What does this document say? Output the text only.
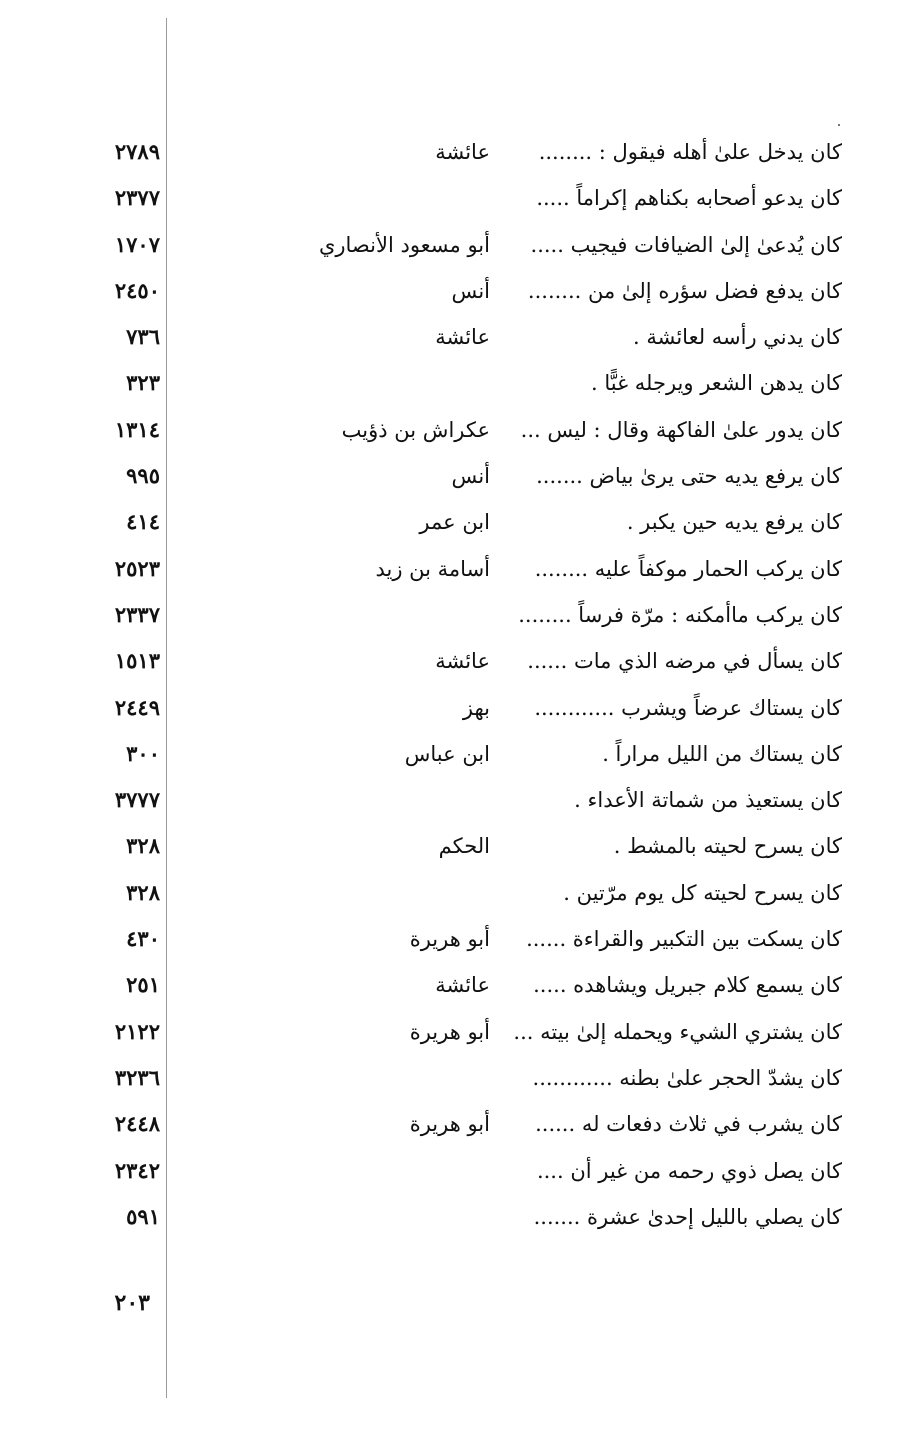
كان يدخل علىٰ أهله فيقول : ........
عائشة
٢٧٨٩
كان يدعو أصحابه بكناهم إكراماً .....
٢٣٧٧
كان يُدعىٰ إلىٰ الضيافات فيجيب .....
أبو مسعود الأنصاري
١٧٠٧
كان يدفع فضل سؤره إلىٰ من ........
أنس
٢٤٥٠
كان يدني رأسه لعائشة .
عائشة
٧٣٦
كان يدهن الشعر ويرجله غبًّا .
٣٢٣
كان يدور علىٰ الفاكهة وقال : ليس ...
عكراش بن ذؤيب
١٣١٤
كان يرفع يديه حتى يرىٰ بياض .......
أنس
٩٩٥
كان يرفع يديه حين يكبر .
ابن عمر
٤١٤
كان يركب الحمار موكفاً عليه ........
أسامة بن زيد
٢٥٢٣
كان يركب ماأمكنه : مرّة فرساً ........
٢٣٣٧
كان يسأل في مرضه الذي مات ......
عائشة
١٥١٣
كان يستاك عرضاً ويشرب ............
بهز
٢٤٤٩
كان يستاك من الليل مراراً .
ابن عباس
٣٠٠
كان يستعيذ من شماتة الأعداء .
٣٧٧٧
كان يسرح لحيته بالمشط .
الحكم
٣٢٨
كان يسرح لحيته كل يوم مرّتين .
٣٢٨
كان يسكت بين التكبير والقراءة ......
أبو هريرة
٤٣٠
كان يسمع كلام جبريل ويشاهده .....
عائشة
٢٥١
كان يشتري الشيء ويحمله إلىٰ بيته ...
أبو هريرة
٢١٢٢
كان يشدّ الحجر علىٰ بطنه ............
٣٢٣٦
كان يشرب في ثلاث دفعات له ......
أبو هريرة
٢٤٤٨
كان يصل ذوي رحمه من غير أن ....
٢٣٤٢
كان يصلي بالليل إحدىٰ عشرة .......
٥٩١
٢٠٣
